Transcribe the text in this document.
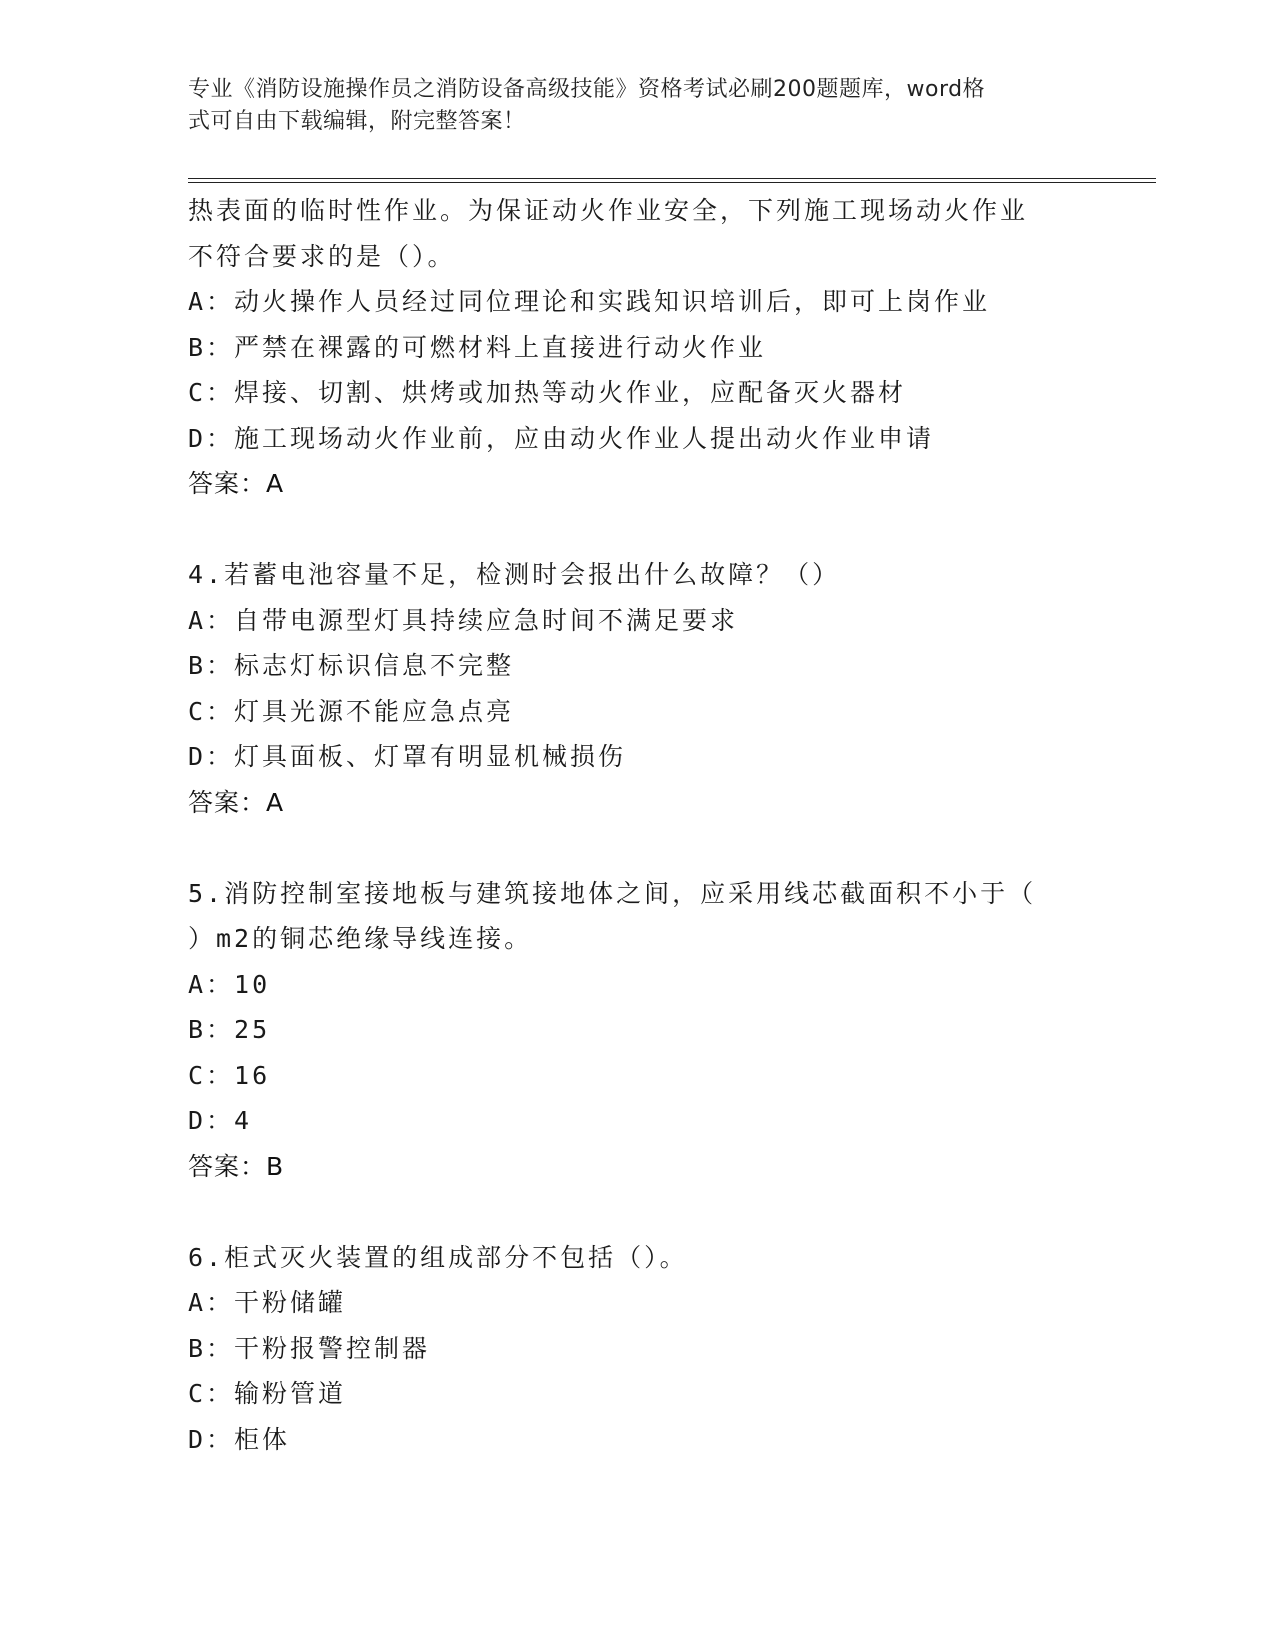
专业《消防设施操作员之消防设备高级技能》资格考试必刷200题题库，word格
式可自由下载编辑，附完整答案！
热表面的临时性作业。为保证动火作业安全，下列施工现场动火作业
不符合要求的是（）。
A：动火操作人员经过同位理论和实践知识培训后，即可上岗作业
B：严禁在裸露的可燃材料上直接进行动火作业
C：焊接、切割、烘烤或加热等动火作业，应配备灭火器材
D：施工现场动火作业前，应由动火作业人提出动火作业申请
答案：A
4.若蓄电池容量不足，检测时会报出什么故障？（）
A：自带电源型灯具持续应急时间不满足要求
B：标志灯标识信息不完整
C：灯具光源不能应急点亮
D：灯具面板、灯罩有明显机械损伤
答案：A
5.消防控制室接地板与建筑接地体之间，应采用线芯截面积不小于（
）m2的铜芯绝缘导线连接。
A：10
B：25
C：16
D：4
答案：B
6.柜式灭火装置的组成部分不包括（）。
A：干粉储罐
B：干粉报警控制器
C：输粉管道
D：柜体
